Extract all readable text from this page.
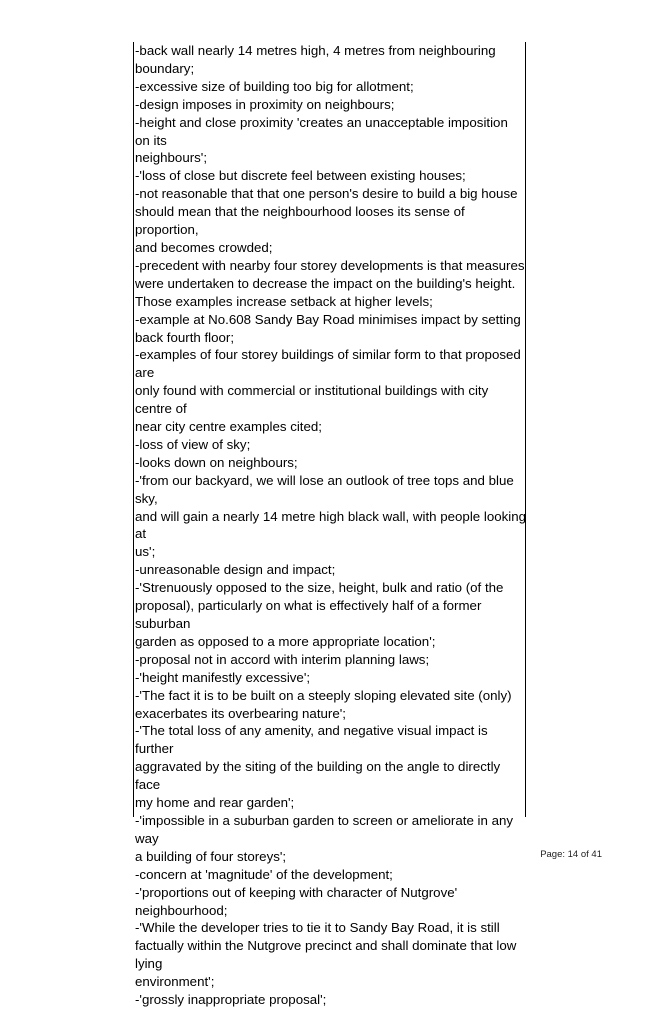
-back wall nearly 14 metres high, 4 metres from neighbouring
boundary;
-excessive size of building too big for allotment;
-design imposes in proximity on neighbours;
-height and close proximity 'creates an unacceptable imposition on its
neighbours';
-'loss of close but discrete feel between existing houses;
-not reasonable that that one person's desire to build a big house
should mean that the neighbourhood looses its sense of proportion,
and becomes crowded;
-precedent with nearby four storey developments is that measures
were undertaken to decrease the impact on the building's height.
Those examples increase setback at higher levels;
-example at No.608 Sandy Bay Road minimises impact by setting
back fourth floor;
-examples of four storey buildings of similar form to that proposed are
only found with commercial or institutional buildings with city centre of
near city centre examples cited;
-loss of view of sky;
-looks down on neighbours;
-'from our backyard, we will lose an outlook of tree tops and blue sky,
and will gain a nearly 14 metre high black wall, with people looking at
us';
-unreasonable design and impact;
-'Strenuously opposed to the size, height, bulk and ratio (of the
proposal), particularly on what is effectively half of a former suburban
garden as opposed to a more appropriate location';
-proposal not in accord with interim planning laws;
-'height manifestly excessive';
-'The fact it is to be built on a steeply sloping elevated site (only)
exacerbates its overbearing nature';
-'The total loss of any amenity, and negative visual impact is further
aggravated by the siting of the building on the angle to directly face
my home and rear garden';
-'impossible in a suburban garden to screen or ameliorate in any way
a building of four storeys';
-concern at 'magnitude' of the development;
-'proportions out of keeping with character of Nutgrove'
neighbourhood;
-'While the developer tries to tie it to Sandy Bay Road, it is still
factually within the Nutgrove precinct and shall dominate that low lying
environment';
-'grossly inappropriate proposal';
Page: 14 of 41
